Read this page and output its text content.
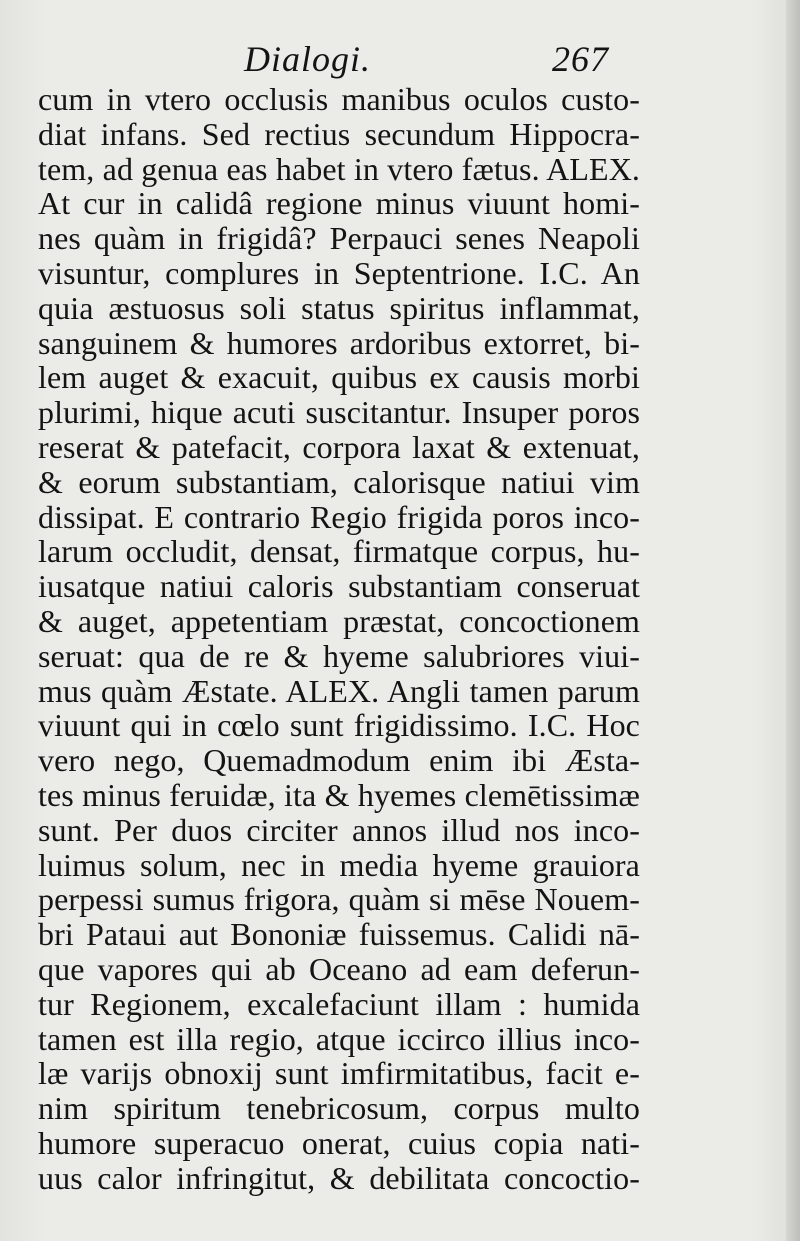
Dialogi.	267
cum in vtero occlusis manibus oculos custo-
diat infans. Sed rectius secundum Hippocra-
tem, ad genua eas habet in vtero fætus. ALEX.
At cur in calidâ regione minus viuunt homi-
nes quàm in frigidâ? Perpauci senes Neapoli
visuntur, complures in Septentrione. I.C. An
quia æstuosus soli status spiritus inflammat,
sanguinem & humores ardoribus extorret, bi-
lem auget & exacuit, quibus ex causis morbi
plurimi, hique acuti suscitantur. Insuper poros
reserat & patefacit, corpora laxat & extenuat,
& eorum substantiam, calorisque natiui vim
dissipat. E contrario Regio frigida poros inco-
larum occludit, densat, firmatque corpus, hu-
iusatque natiui caloris substantiam conseruat
& auget, appetentiam præstat, concoctionem
seruat: qua de re & hyeme salubriores viui-
mus quàm Æstate. ALEX. Angli tamen parum
viuunt qui in cœlo sunt frigidissimo. I.C. Hoc
vero nego, Quemadmodum enim ibi Æsta-
tes minus feruidæ, ita & hyemes clemētissimæ
sunt. Per duos circiter annos illud nos inco-
luimus solum, nec in media hyeme grauiora
perpessi sumus frigora, quàm si mēse Nouem-
bri Pataui aut Bononiæ fuissemus. Calidi nā-
que vapores qui ab Oceano ad eam deferun-
tur Regionem, excalefaciunt illam : humida
tamen est illa regio, atque iccirco illius inco-
læ varijs obnoxij sunt imfirmitatibus, facit e-
nim spiritum tenebricosum, corpus multo
humore superacuo onerat, cuius copia nati-
uus calor infringitut, & debilitata concoctio-
